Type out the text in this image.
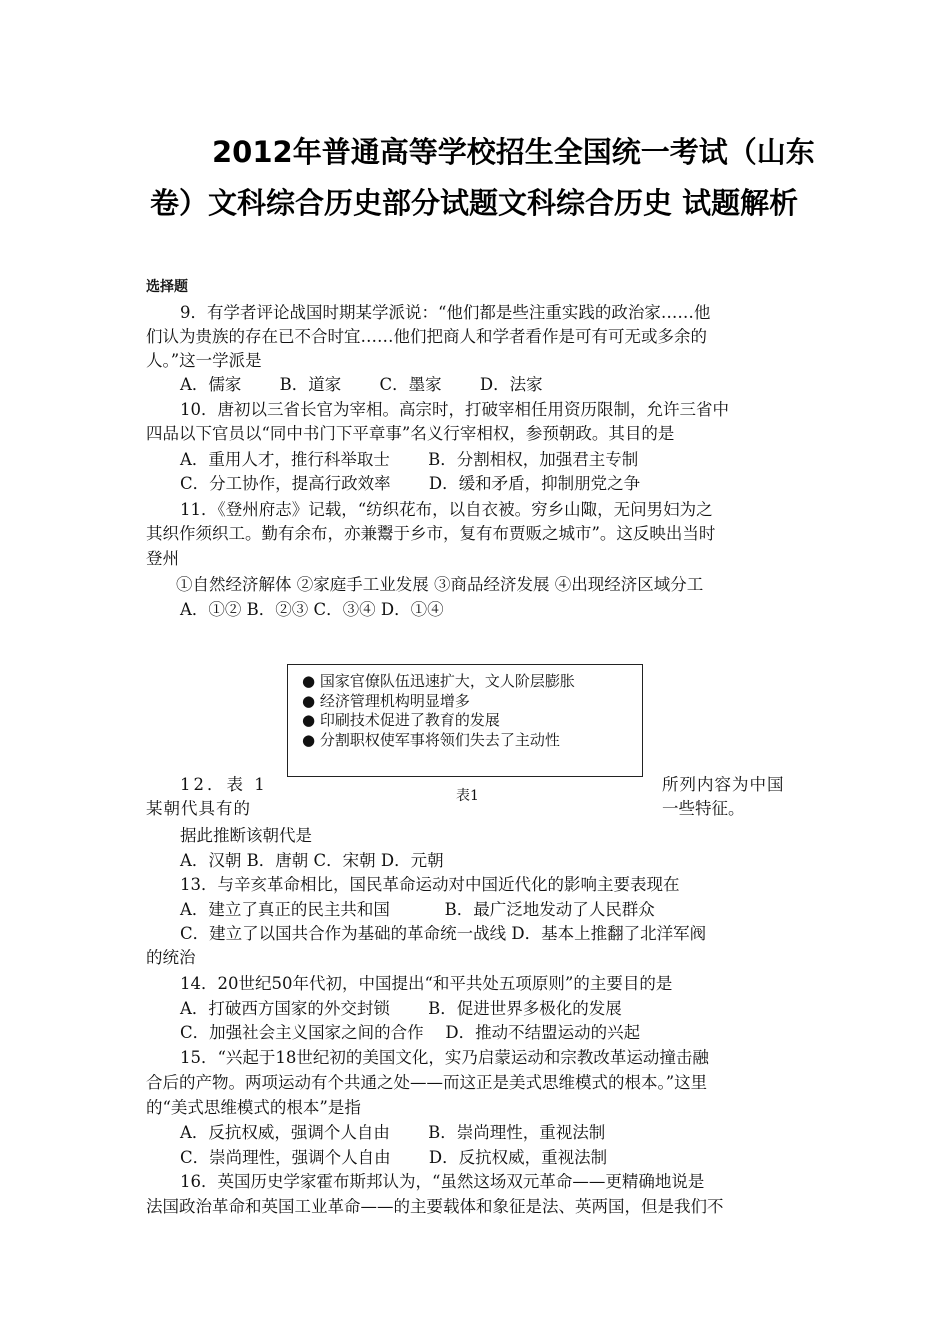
2012年普通高等学校招生全国统一考试（山东
卷）文科综合历史部分试题文科综合历史 试题解析
选择题
9．有学者评论战国时期某学派说：“他们都是些注重实践的政治家……他
们认为贵族的存在已不合时宜……他们把商人和学者看作是可有可无或多余的
人。”这一学派是
A．儒家　　 B．道家　　 C．墨家　　 D．法家
10．唐初以三省长官为宰相。高宗时，打破宰相任用资历限制，允许三省中
四品以下官员以“同中书门下平章事”名义行宰相权，参预朝政。其目的是
A．重用人才，推行科举取士　　 B．分割相权，加强君主专制
C．分工协作，提高行政效率　　 D．缓和矛盾，抑制朋党之争
11．《登州府志》记载，“纺织花布，以自衣被。穷乡山陬，无问男妇为之
其织作须织工。勤有余布，亦兼鬻于乡市，复有布贾贩之城市”。这反映出当时
登州
①自然经济解体 ②家庭手工业发展 ③商品经济发展 ④出现经济区域分工
A．①② B．②③ C．③④ D．①④
● 国家官僚队伍迅速扩大，文人阶层膨胀
● 经济管理机构明显增多
● 印刷技术促进了教育的发展
● 分割职权使军事将领们失去了主动性
表1
12．表 1
某朝代具有的
所列内容为中国
一些特征。
据此推断该朝代是
A．汉朝 B．唐朝 C．宋朝 D．元朝
13．与辛亥革命相比，国民革命运动对中国近代化的影响主要表现在
A．建立了真正的民主共和国　　　 B．最广泛地发动了人民群众
C．建立了以国共合作为基础的革命统一战线 D．基本上推翻了北洋军阀
的统治
14．20世纪50年代初，中国提出“和平共处五项原则”的主要目的是
A．打破西方国家的外交封锁　　 B．促进世界多极化的发展
C．加强社会主义国家之间的合作　 D．推动不结盟运动的兴起
15．“兴起于18世纪初的美国文化，实乃启蒙运动和宗教改革运动撞击融
合后的产物。两项运动有个共通之处——而这正是美式思维模式的根本。”这里
的“美式思维模式的根本”是指
A．反抗权威，强调个人自由　　 B．崇尚理性，重视法制
C．崇尚理性，强调个人自由　　 D．反抗权威，重视法制
16．英国历史学家霍布斯邦认为，“虽然这场双元革命——更精确地说是
法国政治革命和英国工业革命——的主要载体和象征是法、英两国，但是我们不
